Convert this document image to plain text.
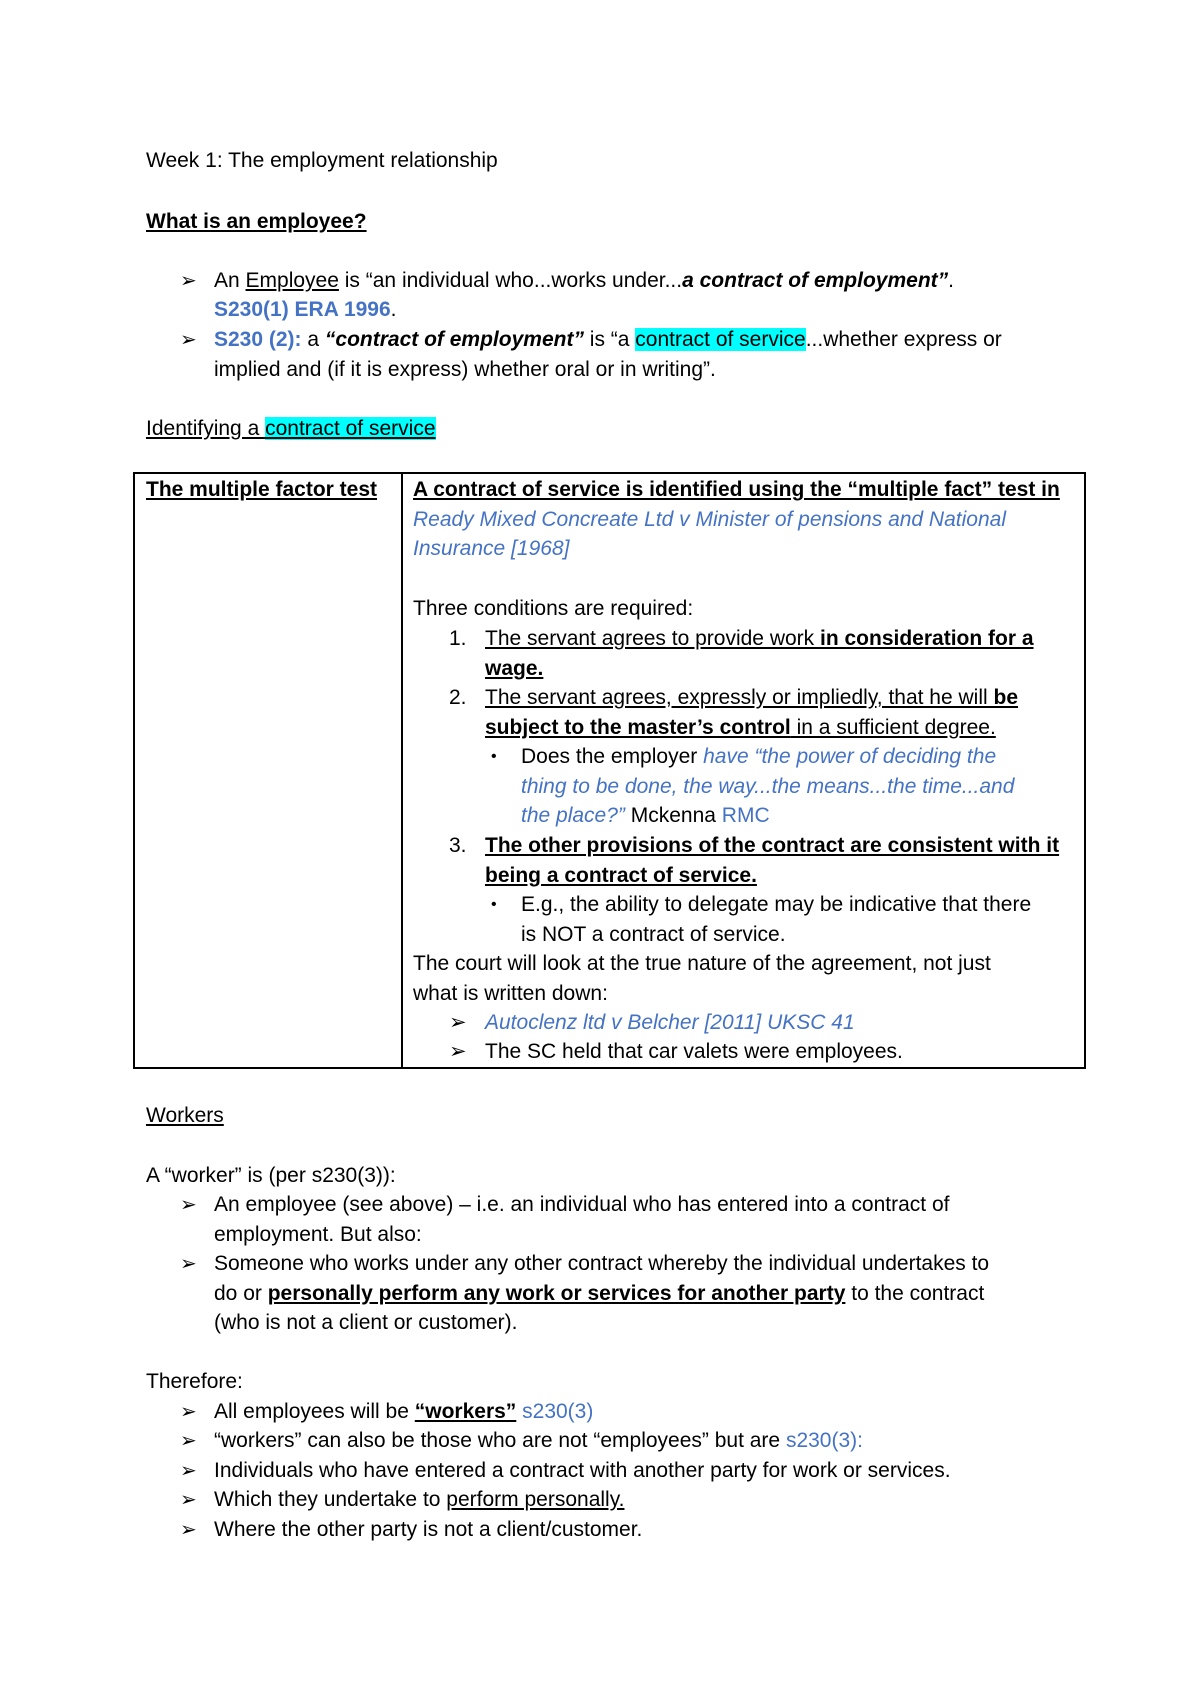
Week 1: The employment relationship
What is an employee?
➢ An Employee is “an individual who...works under...a contract of employment”.
S230(1) ERA 1996.
➢ S230 (2): a “contract of employment” is “a contract of service...whether express or
implied and (if it is express) whether oral or in writing”.
Identifying a contract of service
The multiple factor test	A contract of service is identified using the “multiple fact” test in
Ready Mixed Concreate Ltd v Minister of pensions and National
Insurance [1968]
Three conditions are required:
1. The servant agrees to provide work in consideration for a
wage.
2. The servant agrees, expressly or impliedly, that he will be
subject to the master’s control in a sufficient degree.
• Does the employer have “the power of deciding the
thing to be done, the way...the means...the time...and
the place?” Mckenna RMC
3. The other provisions of the contract are consistent with it
being a contract of service.
• E.g., the ability to delegate may be indicative that there
is NOT a contract of service.
The court will look at the true nature of the agreement, not just
what is written down:
➢ Autoclenz ltd v Belcher [2011] UKSC 41
➢ The SC held that car valets were employees.
Workers
A “worker” is (per s230(3)):
➢ An employee (see above) – i.e. an individual who has entered into a contract of
employment. But also:
➢ Someone who works under any other contract whereby the individual undertakes to
do or personally perform any work or services for another party to the contract
(who is not a client or customer).
Therefore:
➢ All employees will be “workers” s230(3)
➢ “workers” can also be those who are not “employees” but are s230(3):
➢ Individuals who have entered a contract with another party for work or services.
➢ Which they undertake to perform personally.
➢ Where the other party is not a client/customer.
